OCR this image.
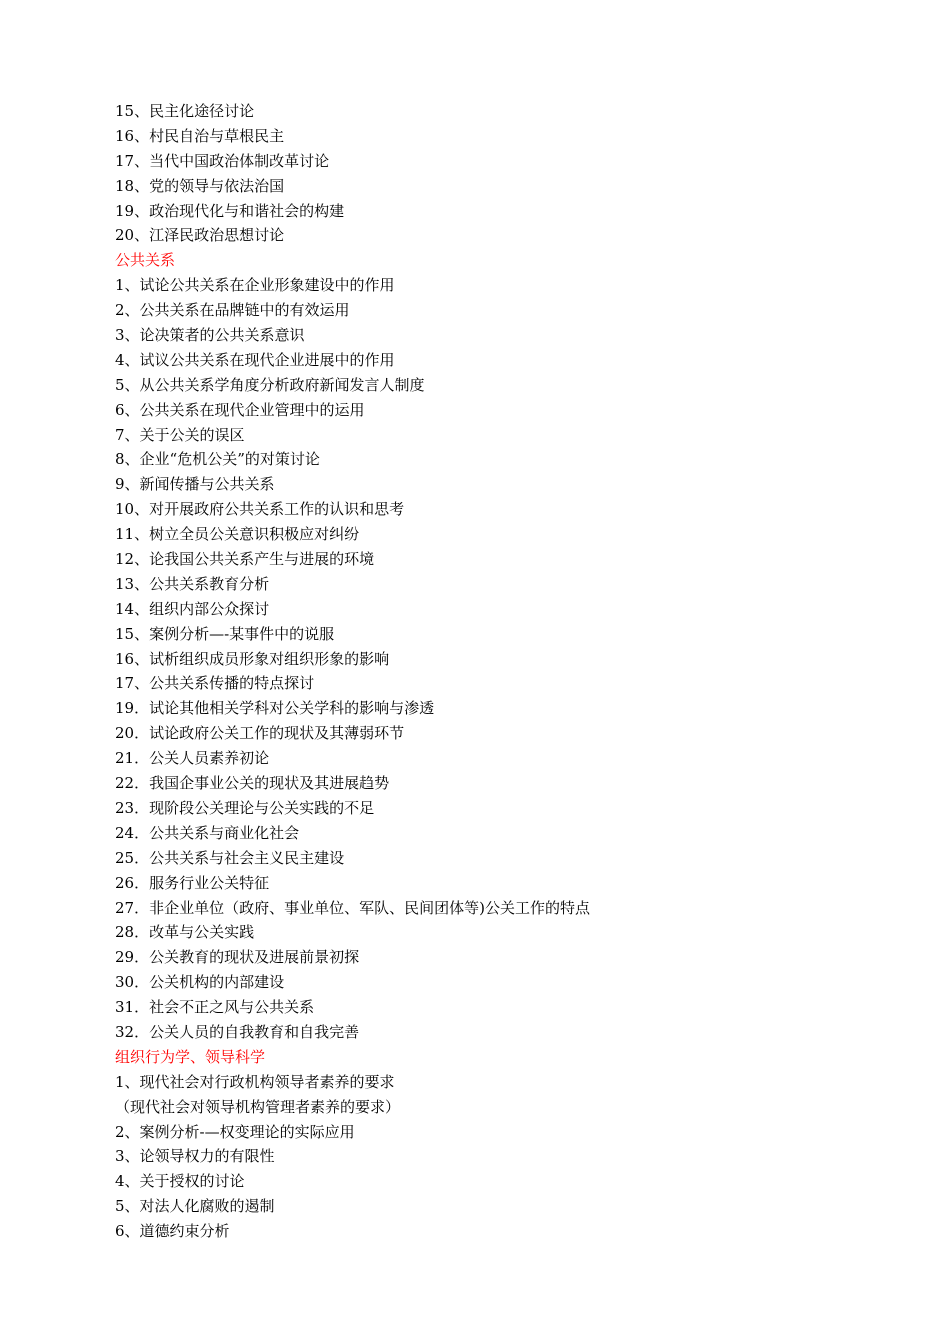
15、民主化途径讨论
16、村民自治与草根民主
17、当代中国政治体制改革讨论
18、党的领导与依法治国
19、政治现代化与和谐社会的构建
20、江泽民政治思想讨论
公共关系
1、试论公共关系在企业形象建设中的作用
2、公共关系在品牌链中的有效运用
3、论决策者的公共关系意识
4、试议公共关系在现代企业进展中的作用
5、从公共关系学角度分析政府新闻发言人制度
6、公共关系在现代企业管理中的运用
7、关于公关的误区
8、企业“危机公关”的对策讨论
9、新闻传播与公共关系
10、对开展政府公共关系工作的认识和思考
11、树立全员公关意识积极应对纠纷
12、论我国公共关系产生与进展的环境
13、公共关系教育分析
14、组织内部公众探讨
15、案例分析—-某事件中的说服
16、试析组织成员形象对组织形象的影响
17、公共关系传播的特点探讨
19．试论其他相关学科对公关学科的影响与渗透
20．试论政府公关工作的现状及其薄弱环节
21．公关人员素养初论
22．我国企事业公关的现状及其进展趋势
23．现阶段公关理论与公关实践的不足
24．公共关系与商业化社会
25．公共关系与社会主义民主建设
26．服务行业公关特征
27．非企业单位（政府、事业单位、军队、民间团体等)公关工作的特点
28．改革与公关实践
29．公关教育的现状及进展前景初探
30．公关机构的内部建设
31．社会不正之风与公共关系
32．公关人员的自我教育和自我完善
组织行为学、领导科学
1、现代社会对行政机构领导者素养的要求
（现代社会对领导机构管理者素养的要求）
2、案例分析-—权变理论的实际应用
3、论领导权力的有限性
4、关于授权的讨论
5、对法人化腐败的遏制
6、道德约束分析
